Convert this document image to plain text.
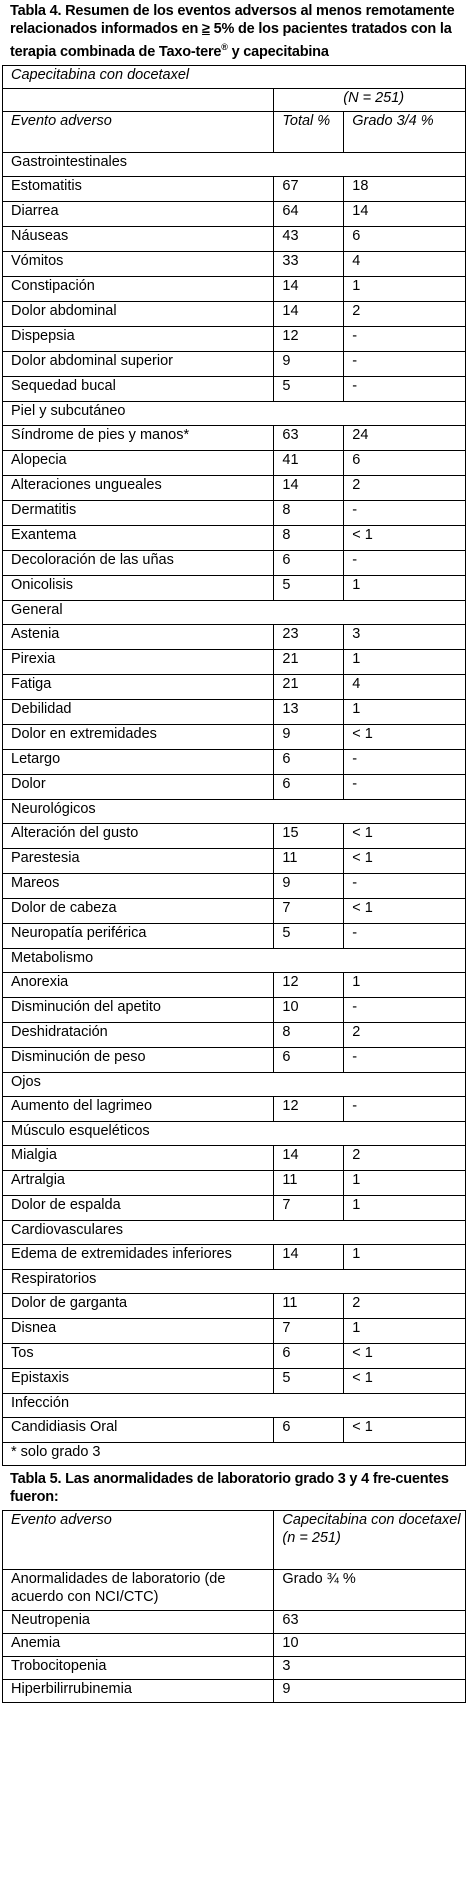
Tabla 4. Resumen de los eventos adversos al menos remotamente relacionados informados en ≥ 5% de los pacientes tratados con la terapia combinada de Taxo-tere® y capecitabina
Capecitabina con docetaxel		
	(N = 251)	
Evento adverso	Total %	Grado 3/4 %
Gastrointestinales		
Estomatitis	67	18
Diarrea	64	14
Náuseas	43	6
Vómitos	33	4
Constipación	14	1
Dolor abdominal	14	2
Dispepsia	12	-
Dolor abdominal superior	9	-
Sequedad bucal	5	-
Piel y subcutáneo		
Síndrome de pies y manos*	63	24
Alopecia	41	6
Alteraciones ungueales	14	2
Dermatitis	8	-
Exantema	8	< 1
Decoloración de las uñas	6	-
Onicolisis	5	1
General		
Astenia	23	3
Pirexia	21	1
Fatiga	21	4
Debilidad	13	1
Dolor en extremidades	9	< 1
Letargo	6	-
Dolor	6	-
Neurológicos		
Alteración del gusto	15	< 1
Parestesia	11	< 1
Mareos	9	-
Dolor de cabeza	7	< 1
Neuropatía periférica	5	-
Metabolismo		
Anorexia	12	1
Disminución del apetito	10	-
Deshidratación	8	2
Disminución de peso	6	-
Ojos		
Aumento del lagrimeo	12	-
Músculo esqueléticos		
Mialgia	14	2
Artralgia	11	1
Dolor de espalda	7	1
Cardiovasculares		
Edema de extremidades inferiores	14	1
Respiratorios		
Dolor de garganta	11	2
Disnea	7	1
Tos	6	< 1
Epistaxis	5	< 1
Infección		
Candidiasis Oral	6	< 1
* solo grado 3		
Tabla 5. Las anormalidades de laboratorio grado 3 y 4 fre-cuentes fueron:
Evento adverso	Capecitabina con docetaxel
(n = 251)
Anormalidades de laboratorio (de acuerdo con NCI/CTC)	Grado ¾ %
Neutropenia	63
Anemia	10
Trobocitopenia	3
Hiperbilirrubinemia	9
